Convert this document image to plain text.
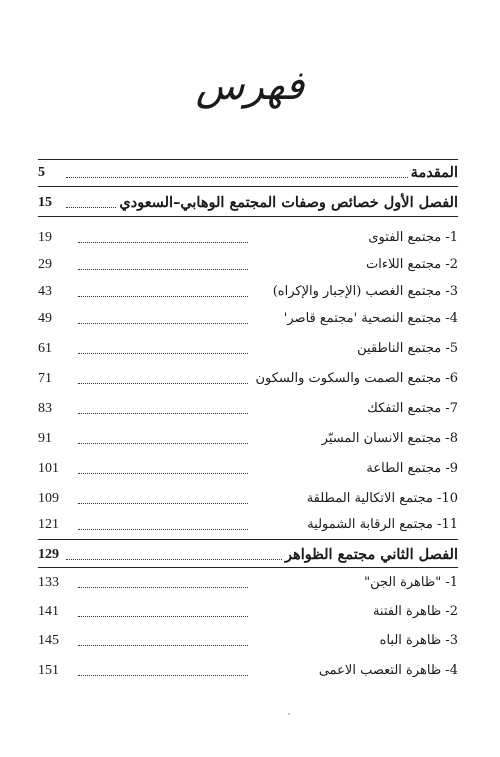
فهرس
المقدمة
5
الفصل الأول خصائص وصفات المجتمع الوهابي–السعودي
15
1- مجتمع الفتوى
19
2- مجتمع اللاءات
29
3- مجتمع الغصب (الإجبار والإكراه)
43
4- مجتمع النصحية 'مجتمع قاصر'
49
5- مجتمع الناطقين
61
6- مجتمع الصمت والسكوت والسكون
71
7- مجتمع التفكك
83
8- مجتمع الانسان المسيّر
91
9- مجتمع الطاعة
101
10- مجتمع الاتكالية المطلقة
109
11- مجتمع الرقابة الشمولية
121
الفصل الثاني مجتمع الظواهر
129
1- "ظاهرة الجن"
133
2- ظاهرة الفتنة
141
3- ظاهرة الباه
145
4- ظاهرة التعصب الاعمى
151
